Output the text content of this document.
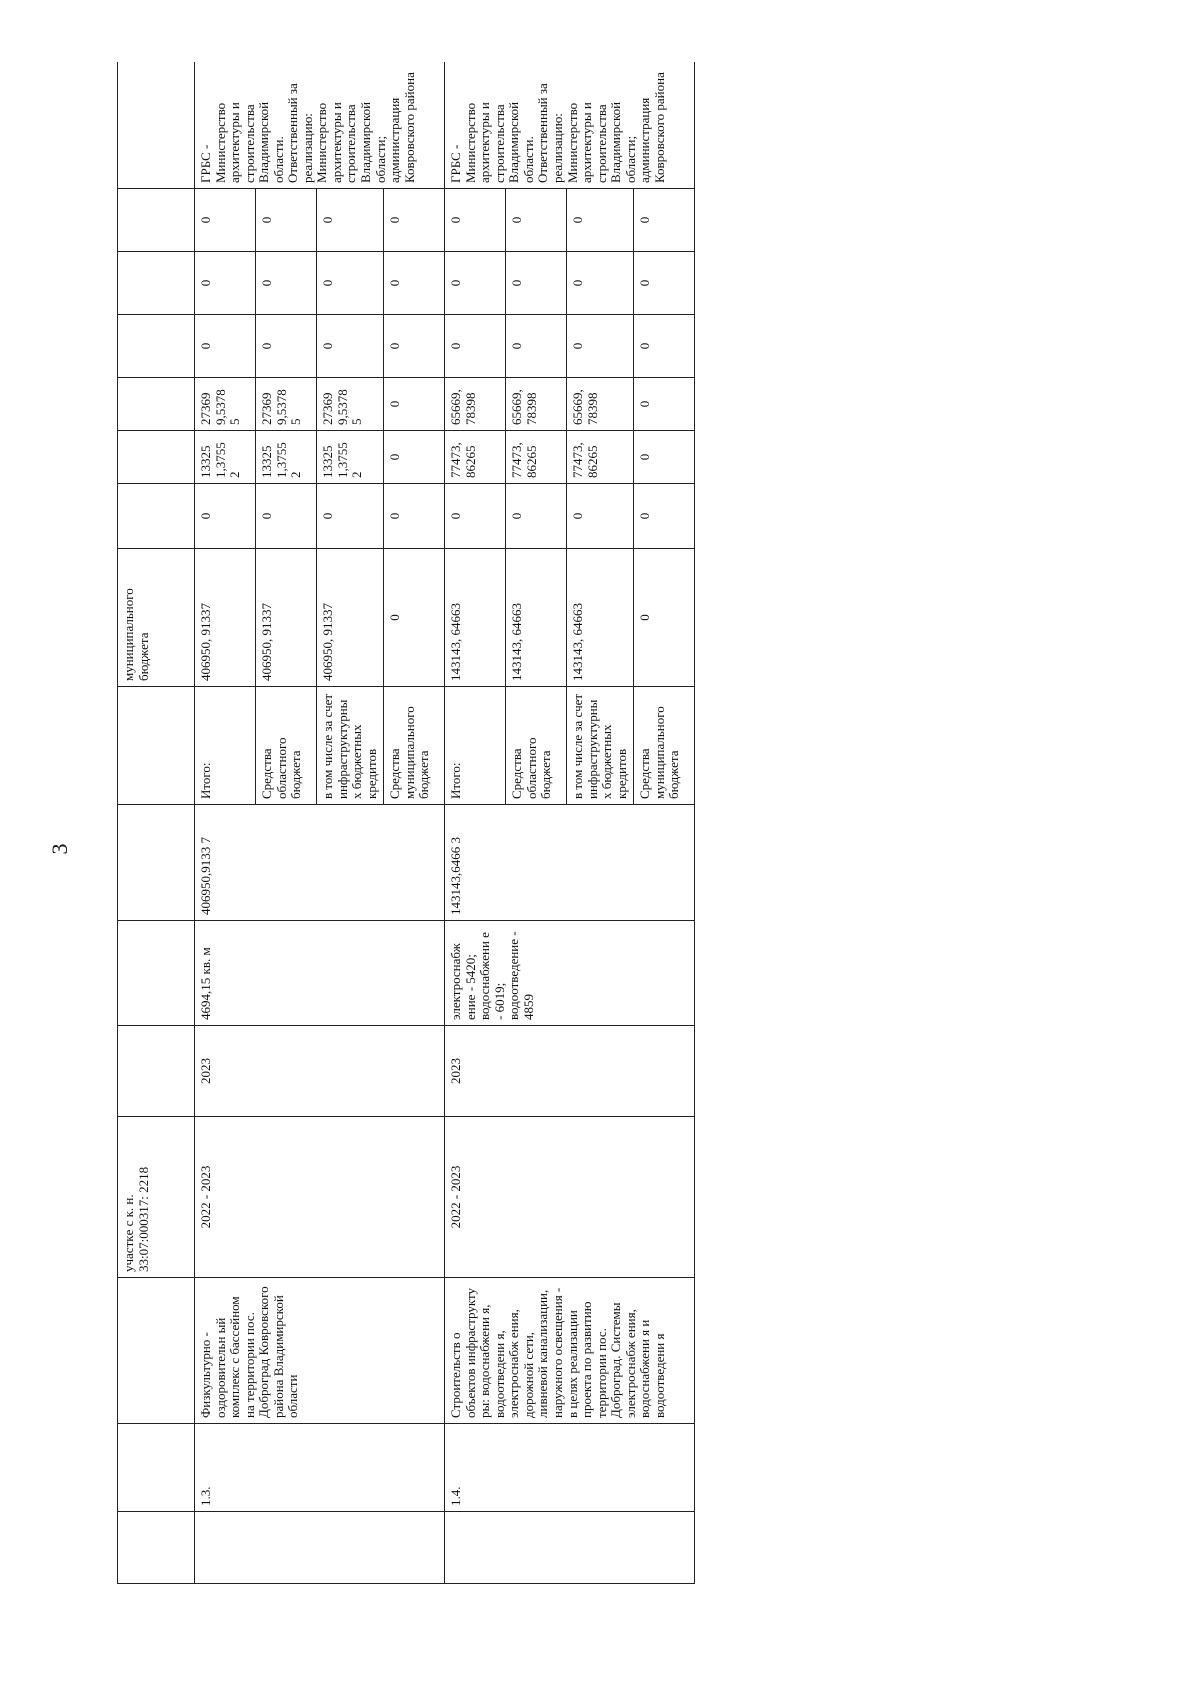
3
			участкe с к. н. 33:07:000317: 2218					муниципального бюджета							
	1.3.	Физкультурно - оздоровительн ый комплекс с бассейном на территории пос. Доброград Ковровского района Владимирской области	2022 - 2023	2023	4694,15 кв. м	406950,9133 7	Итого:	406950, 91337	0	13325 1,3755 2	27369 9,5378 5	0	0	0	ГРБС - Министерство архитектуры и строительства Владимирской области. Ответственный за реализацию: Министерство архитектуры и строительства Владимирской области; администрация Ковровского района
							Средства областного бюджета	406950, 91337	0	13325 1,3755 2	27369 9,5378 5	0	0	0	
							в том числе за счет инфраструктурны х бюджетных кредитов	406950, 91337	0	13325 1,3755 2	27369 9,5378 5	0	0	0	
							Средства муниципального бюджета	0	0	0	0	0	0	0	
	1.4.	Строительств о объектов инфраструкту ры: водоснабжени я, водоотведени я, электроснабж ения, дорожной сети, ливневой канализации, наружного освещения - в целях реализации проекта по развитию территории пос. Доброград. Системы электроснабж ения, водоснабжени я и водоотведени я	2022 - 2023	2023	электроснабж ение - 5420; водоснабжени е - 6019; водоотведение - 4859	143143,6466 3	Итого:	143143, 64663	0	77473, 86265	65669, 78398	0	0	0	ГРБС - Министерство архитектуры и строительства Владимирской области. Ответственный за реализацию: Министерство архитектуры и строительства Владимирской области; администрация Ковровского района
							Средства областного бюджета	143143, 64663	0	77473, 86265	65669, 78398	0	0	0	
							в том числе за счет инфраструктурны х бюджетных кредитов	143143, 64663	0	77473, 86265	65669, 78398	0	0	0	
							Средства муниципального бюджета	0	0	0	0	0	0	0	
